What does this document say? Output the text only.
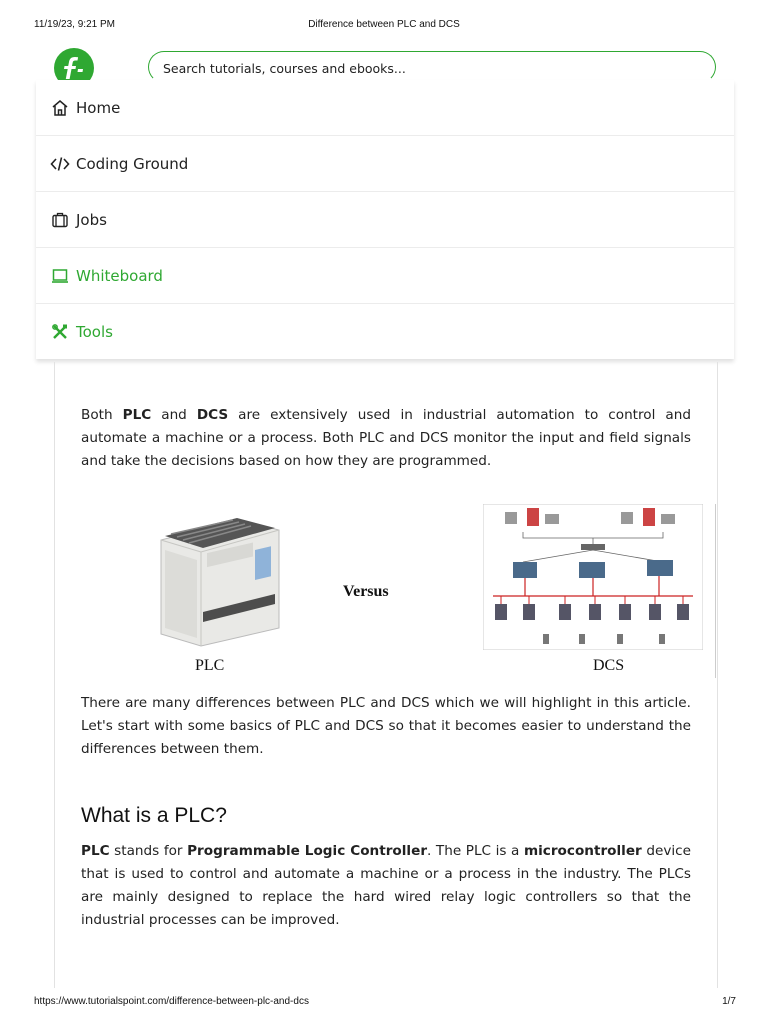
11/19/23, 9:21 PM	Difference between PLC and DCS
Search tutorials, courses and ebooks...
Home
Coding Ground
Jobs
Whiteboard
Tools

Both PLC and DCS are extensively used in industrial automation to control and automate a machine or a process. Both PLC and DCS monitor the input and field signals and take the decisions based on how they are programmed.

PLC
Versus
DCS

There are many differences between PLC and DCS which we will highlight in this article. Let's start with some basics of PLC and DCS so that it becomes easier to understand the differences between them.

What is a PLC?

PLC stands for Programmable Logic Controller. The PLC is a microcontroller device that is used to control and automate a machine or a process in the industry. The PLCs are mainly designed to replace the hard wired relay logic controllers so that the industrial processes can be improved.

https://www.tutorialspoint.com/difference-between-plc-and-dcs	1/7
